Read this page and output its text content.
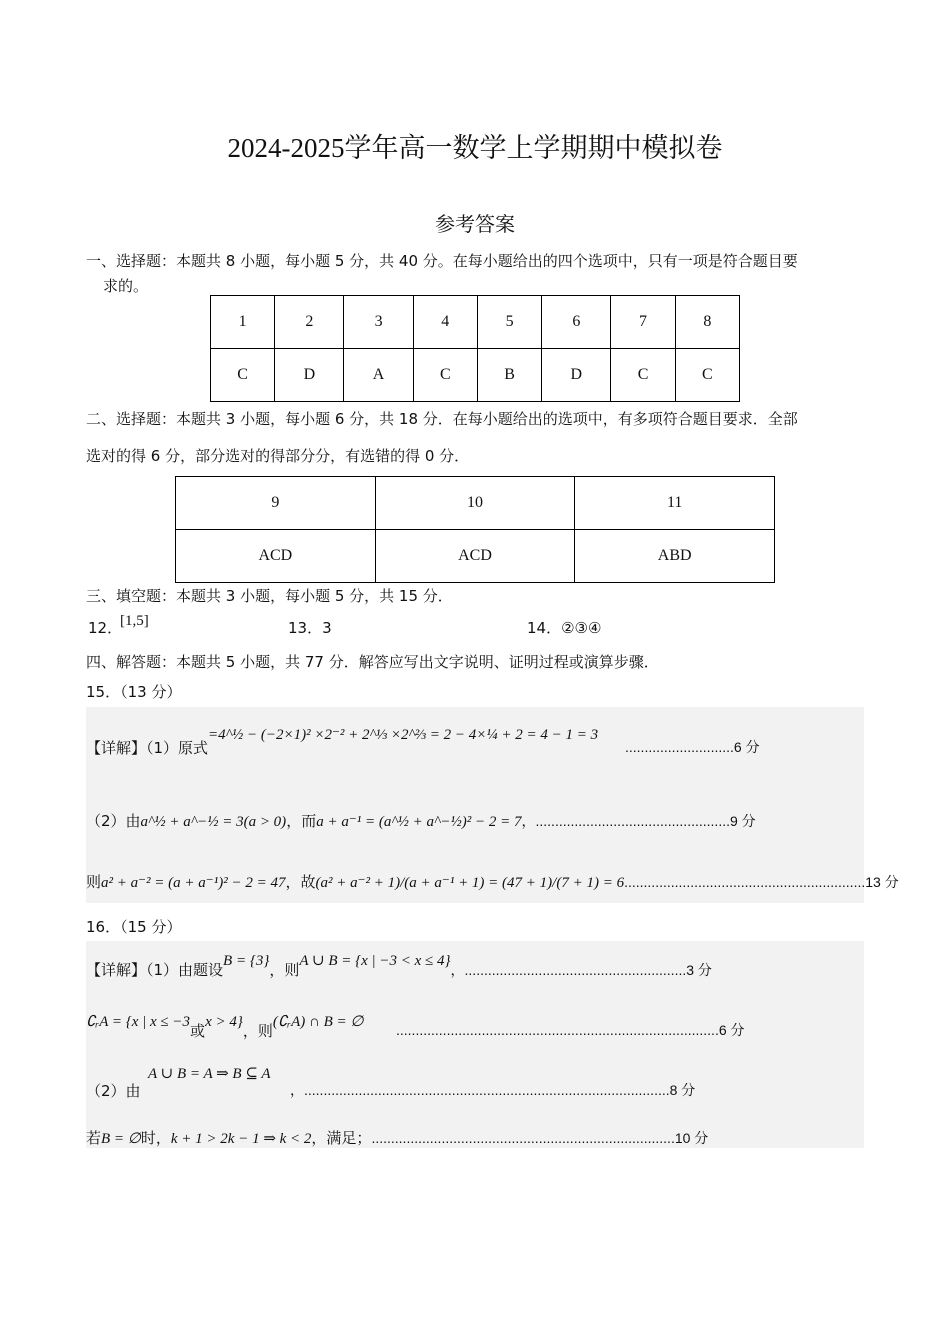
2024-2025学年高一数学上学期期中模拟卷
参考答案
一、选择题：本题共 8 小题，每小题 5 分，共 40 分。在每小题给出的四个选项中，只有一项是符合题目要
求的。
1	2	3	4	5	6	7	8
C	D	A	C	B	D	C	C
二、选择题：本题共 3 小题，每小题 6 分，共 18 分．在每小题给出的选项中，有多项符合题目要求．全部
选对的得 6 分，部分选对的得部分分，有选错的得 0 分．
9	10	11
ACD	ACD	ABD
三、填空题：本题共 3 小题，每小题 5 分，共 15 分．
12．
[1,5]	13．3	14．②③④
四、解答题：本题共 5 小题，共 77 分．解答应写出文字说明、证明过程或演算步骤．
15．（13 分）
【详解】（1）原式=4^½ − (−2×1)² ×2⁻² + 2^⅓ ×2^⅔ = 2 − 4×¼ + 2 = 4 − 1 = 3
............................6 分
（2）由a^½ + a^−½ = 3(a > 0)，而a + a⁻¹ = (a^½ + a^−½)² − 2 = 7，..................................................9 分
则a² + a⁻² = (a + a⁻¹)² − 2 = 47，故(a² + a⁻² + 1)/(a + a⁻¹ + 1) = (47 + 1)/(7 + 1) = 6..............................................................13 分
16．（15 分）
【详解】（1）由题设B = {3}，则A ∪ B = {x | −3 < x ≤ 4}，.........................................................3 分
∁ᵣA = {x | x ≤ −3或x > 4}，则(∁ᵣA) ∩ B = ∅ ...................................................................................6 分
（2）由
A ∪ B = A ⇒ B ⊆ A
，..............................................................................................8 分
若B = ∅时，k + 1 > 2k − 1 ⇒ k < 2，满足；..............................................................................10 分
